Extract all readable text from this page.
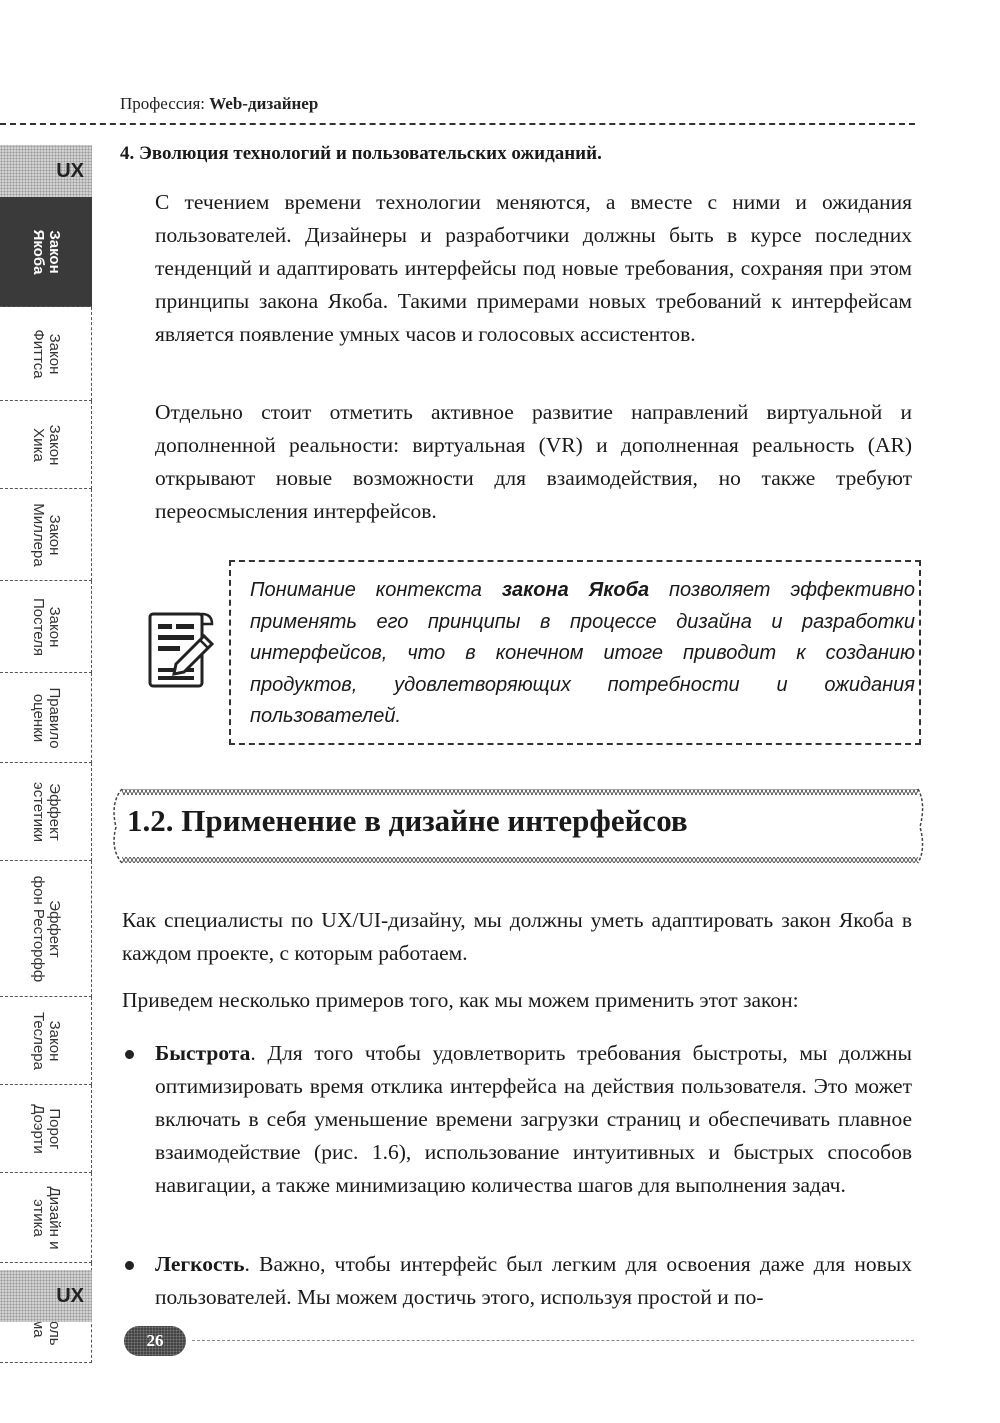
Профессия: Web-дизайнер
UX
Закон
Якоба
Закон
Фиттса
Закон
Хика
Закон
Миллера
Закон
Постеля
Правило
оценки
Эффект
эстетики
Эффект
фон Ресторфф
Закон
Теслера
Порог
Доэрти
Дизайн и
этика
UX
4. Эволюция технологий и пользовательских ожиданий.
С течением времени технологии меняются, а вместе с ними и ожидания пользователей. Дизайнеры и разработчики должны быть в курсе последних тенденций и адаптировать интерфейсы под новые требования, сохраняя при этом принципы закона Якоба. Такими примерами новых требований к интерфейсам является появление умных часов и голосовых ассистентов.
Отдельно стоит отметить активное развитие направлений виртуальной и дополненной реальности: виртуальная (VR) и дополненная реальность (AR) открывают новые возможности для взаимодействия, но также требуют переосмысления интерфейсов.
Понимание контекста закона Якоба позволяет эффективно применять его принципы в процессе дизайна и разработки интерфейсов, что в конечном итоге приводит к созданию продуктов, удовлетворяющих потребности и ожидания пользователей.
1.2. Применение в дизайне интерфейсов
Как специалисты по UX/UI-дизайну, мы должны уметь адаптировать закон Якоба в каждом проекте, с которым работаем.
Приведем несколько примеров того, как мы можем применить этот закон:
Быстрота. Для того чтобы удовлетворить требования быстроты, мы должны оптимизировать время отклика интерфейса на действия пользователя. Это может включать в себя уменьшение времени загрузки страниц и обеспечивать плавное взаимодействие (рис. 1.6), использование интуитивных и быстрых способов навигации, а также минимизацию количества шагов для выполнения задач.
Легкость. Важно, чтобы интерфейс был легким для освоения даже для новых пользователей. Мы можем достичь этого, используя простой и по-
26
